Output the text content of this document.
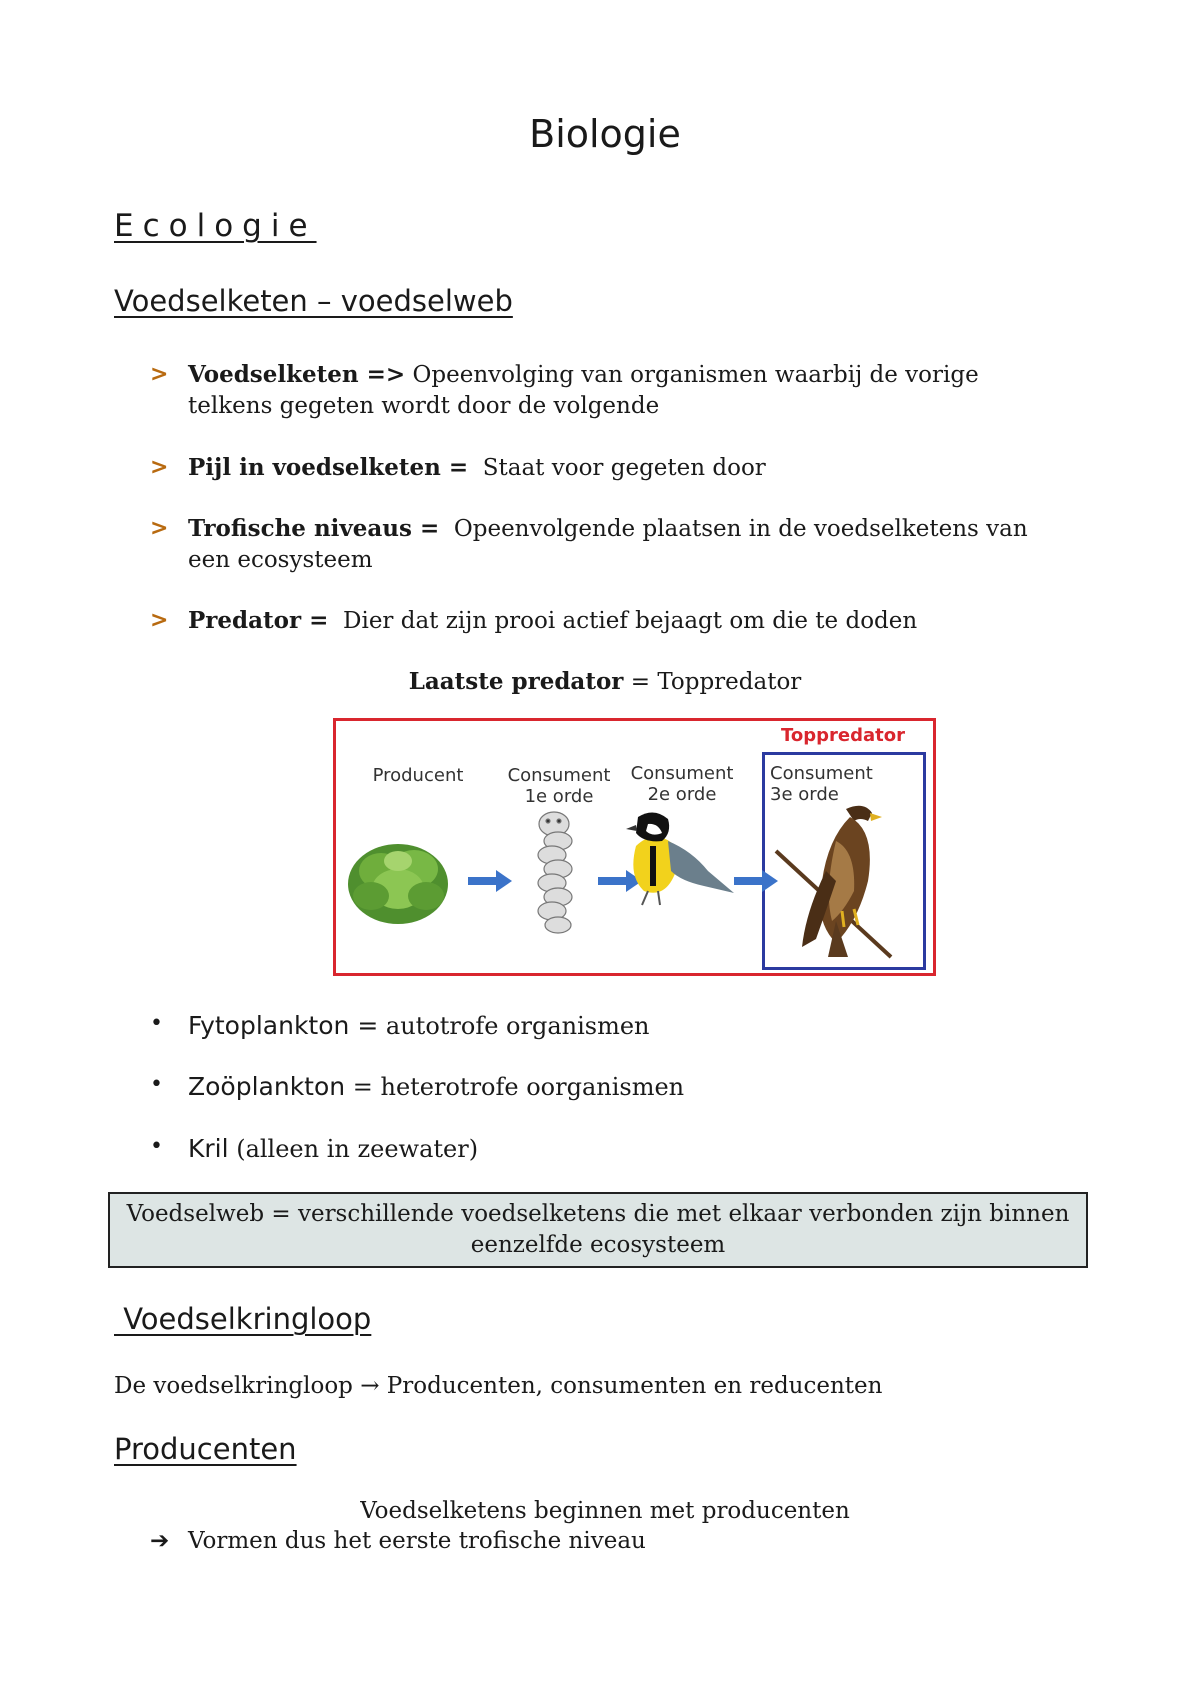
Biologie
Ecologie
Voedselketen – voedselweb
> Voedselketen => Opeenvolging van organismen waarbij de vorige telkens gegeten wordt door de volgende
> Pijl in voedselketen =  Staat voor gegeten door
> Trofische niveaus =  Opeenvolgende plaatsen in de voedselketens van een ecosysteem
> Predator =  Dier dat zijn prooi actief bejaagt om die te doden
Laatste predator = Toppredator
Toppredator
Producent Consument
1e orde
Consument
2e orde
Consument
3e orde
• Fytoplankton = autotrofe organismen
• Zoöplankton = heterotrofe oorganismen
• Kril (alleen in zeewater)
Voedselweb = verschillende voedselketens die met elkaar verbonden zijn binnen eenzelfde ecosysteem
Voedselkringloop
De voedselkringloop → Producenten, consumenten en reducenten
Producenten
Voedselketens beginnen met producenten
➔ Vormen dus het eerste trofische niveau
